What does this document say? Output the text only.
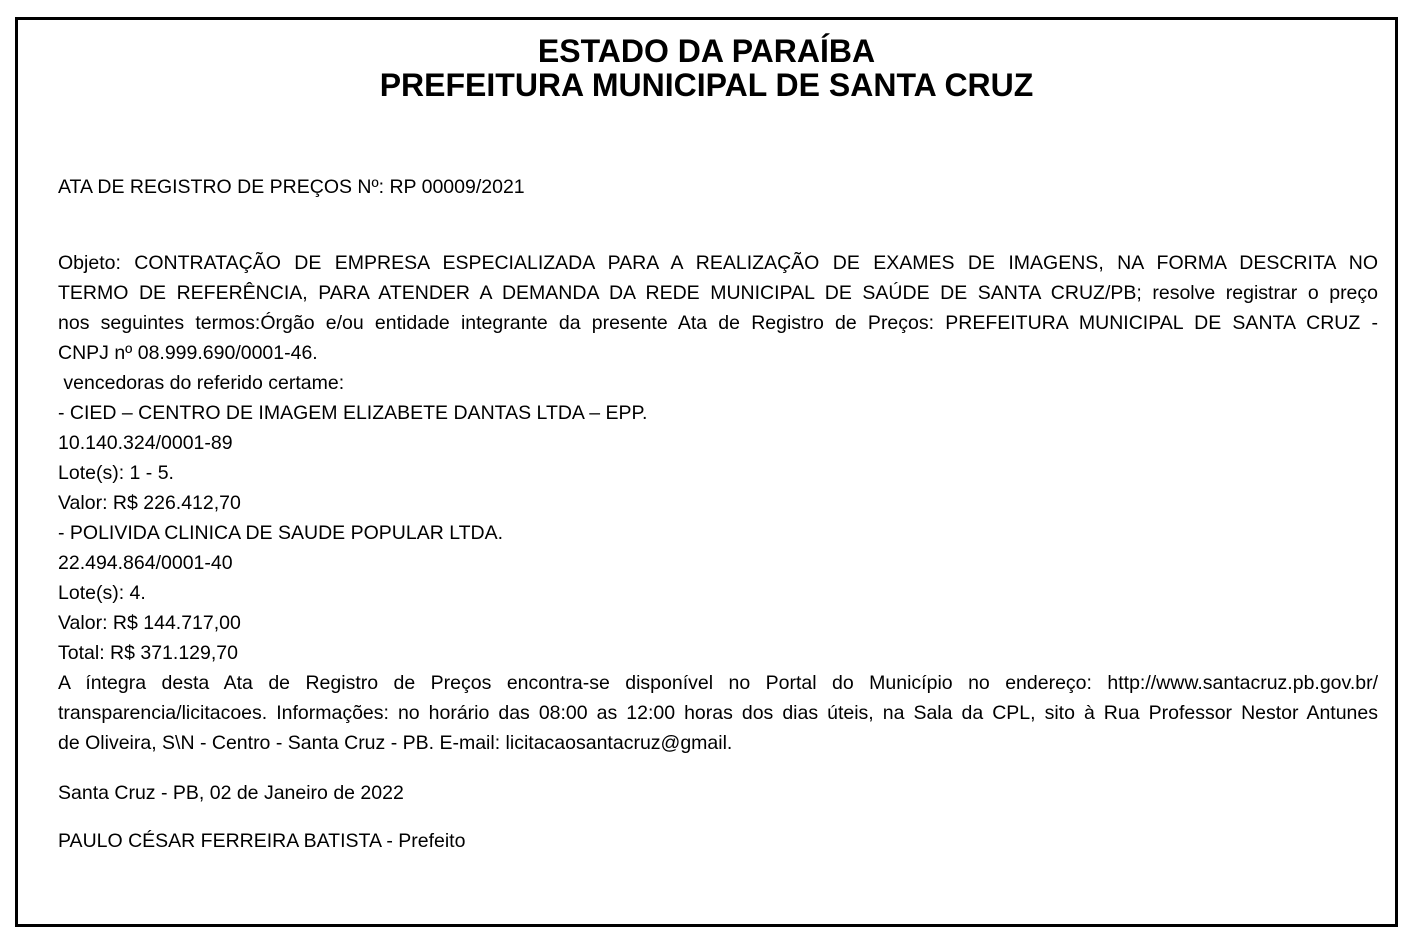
ESTADO DA PARAÍBA
PREFEITURA MUNICIPAL DE SANTA CRUZ
ATA DE REGISTRO DE PREÇOS Nº: RP 00009/2021
Objeto: CONTRATAÇÃO DE EMPRESA ESPECIALIZADA PARA A REALIZAÇÃO DE EXAMES DE IMAGENS, NA FORMA DESCRITA NO
TERMO DE REFERÊNCIA, PARA ATENDER A DEMANDA DA REDE MUNICIPAL DE SAÚDE DE SANTA CRUZ/PB; resolve registrar o preço
nos seguintes termos:Órgão e/ou entidade integrante da presente Ata de Registro de Preços: PREFEITURA MUNICIPAL DE SANTA CRUZ -
CNPJ nº 08.999.690/0001-46.
vencedoras do referido certame:
- CIED – CENTRO DE IMAGEM ELIZABETE DANTAS LTDA – EPP.
10.140.324/0001-89
Lote(s): 1 - 5.
Valor: R$ 226.412,70
- POLIVIDA CLINICA DE SAUDE POPULAR LTDA.
22.494.864/0001-40
Lote(s): 4.
Valor: R$ 144.717,00
Total: R$ 371.129,70
A íntegra desta Ata de Registro de Preços encontra-se disponível no Portal do Município no endereço: http://www.santacruz.pb.gov.br/
transparencia/licitacoes. Informações: no horário das 08:00 as 12:00 horas dos dias úteis, na Sala da CPL, sito à Rua Professor Nestor Antunes
de Oliveira, S\N - Centro - Santa Cruz - PB. E-mail: licitacaosantacruz@gmail.
Santa Cruz - PB, 02 de Janeiro de 2022
PAULO CÉSAR FERREIRA BATISTA - Prefeito
